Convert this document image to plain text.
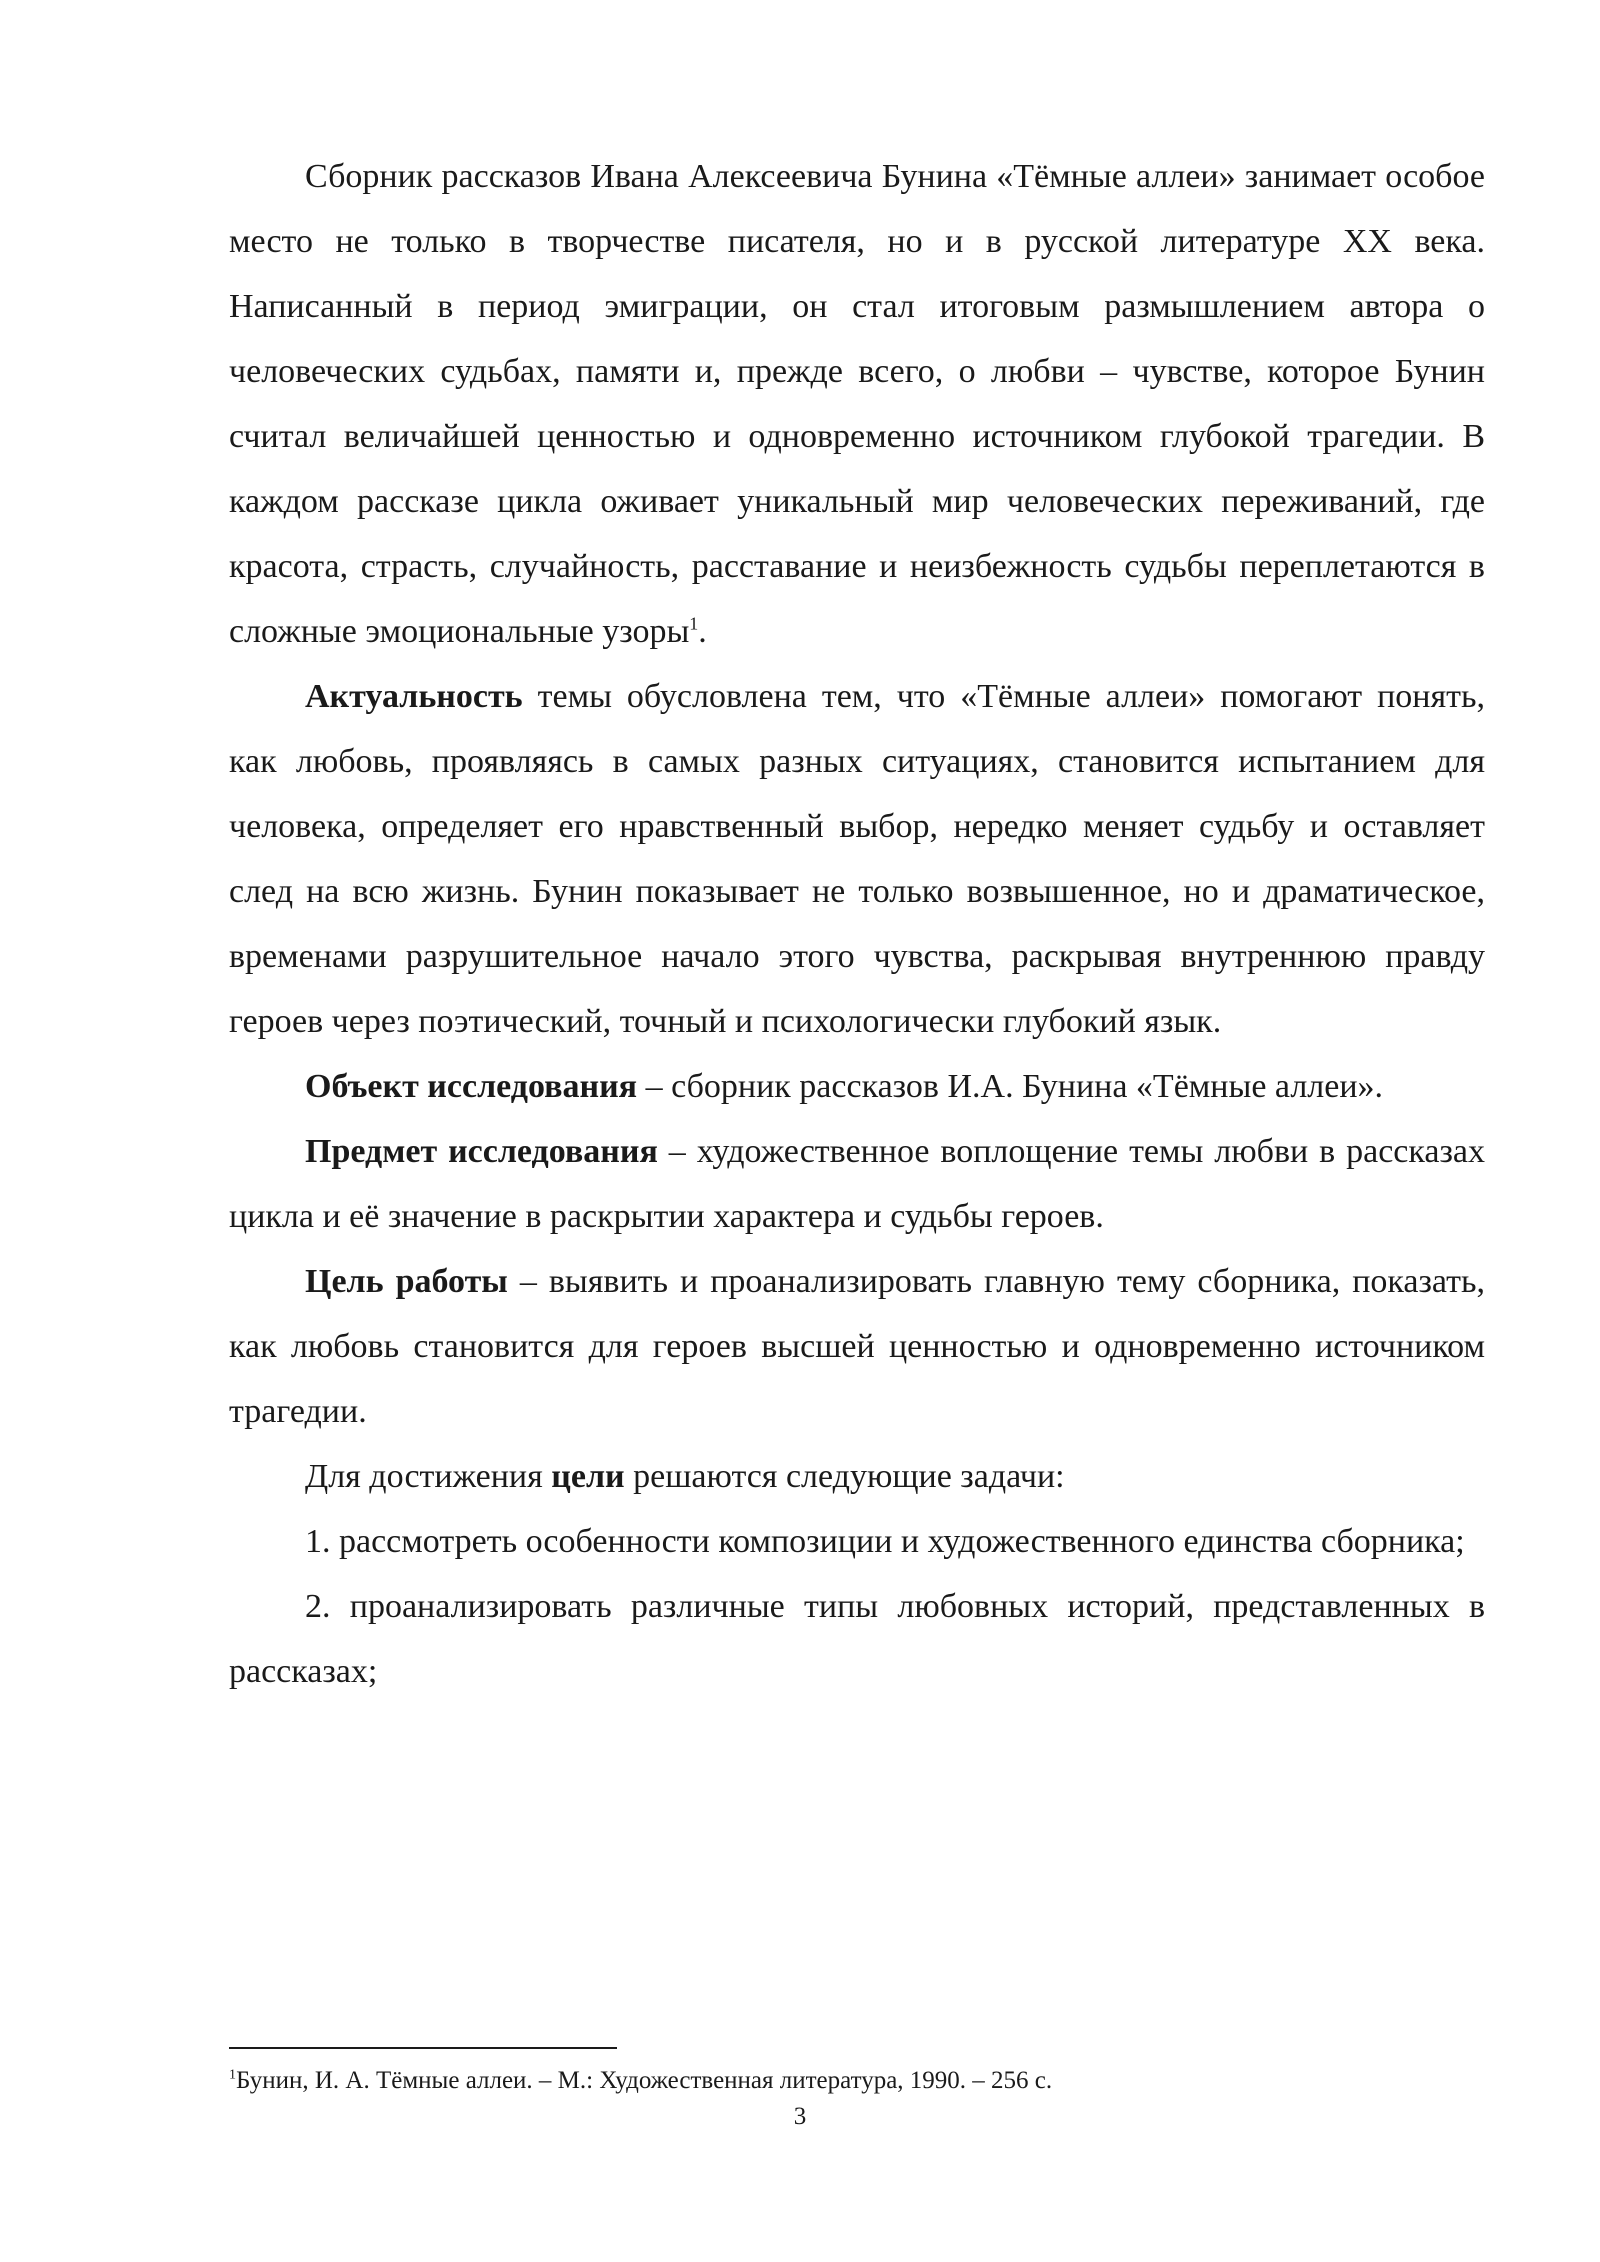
Сборник рассказов Ивана Алексеевича Бунина «Тёмные аллеи» занимает особое место не только в творчестве писателя, но и в русской литературе XX века. Написанный в период эмиграции, он стал итоговым размышлением автора о человеческих судьбах, памяти и, прежде всего, о любви – чувстве, которое Бунин считал величайшей ценностью и одновременно источником глубокой трагедии. В каждом рассказе цикла оживает уникальный мир человеческих переживаний, где красота, страсть, случайность, расставание и неизбежность судьбы переплетаются в сложные эмоциональные узоры$^1$.

Актуальность темы обусловлена тем, что «Тёмные аллеи» помогают понять, как любовь, проявляясь в самых разных ситуациях, становится испытанием для человека, определяет его нравственный выбор, нередко меняет судьбу и оставляет след на всю жизнь. Бунин показывает не только возвышенное, но и драматическое, временами разрушительное начало этого чувства, раскрывая внутреннюю правду героев через поэтический, точный и психологически глубокий язык.

Объект исследования – сборник рассказов И.А. Бунина «Тёмные аллеи».

Предмет исследования – художественное воплощение темы любви в рассказах цикла и её значение в раскрытии характера и судьбы героев.

Цель работы – выявить и проанализировать главную тему сборника, показать, как любовь становится для героев высшей ценностью и одновременно источником трагедии.

Для достижения цели решаются следующие задачи:

1. рассмотреть особенности композиции и художественного единства сборника;

2. проанализировать различные типы любовных историй, представленных в рассказах;

$^1$Бунин, И. А. Тёмные аллеи. – М.: Художественная литература, 1990. – 256 с.
3
